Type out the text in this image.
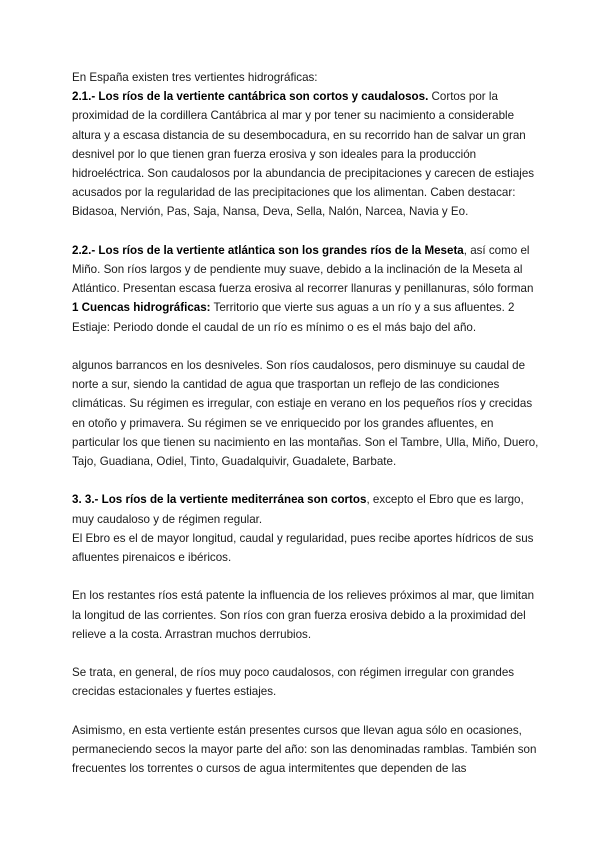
En España existen tres vertientes hidrográficas:

2.1.- Los ríos de la vertiente cantábrica son cortos y caudalosos. Cortos por la proximidad de la cordillera Cantábrica al mar y por tener su nacimiento a considerable altura y a escasa distancia de su desembocadura, en su recorrido han de salvar un gran desnivel por lo que tienen gran fuerza erosiva y son ideales para la producción hidroeléctrica. Son caudalosos por la abundancia de precipitaciones y carecen de estiajes acusados por la regularidad de las precipitaciones que los alimentan. Caben destacar: Bidasoa, Nervión, Pas, Saja, Nansa, Deva, Sella, Nalón, Narcea, Navia y Eo.

2.2.- Los ríos de la vertiente atlántica son los grandes ríos de la Meseta, así como el Miño. Son ríos largos y de pendiente muy suave, debido a la inclinación de la Meseta al Atlántico. Presentan escasa fuerza erosiva al recorrer llanuras y penillanuras, sólo forman
1 Cuencas hidrográficas: Territorio que vierte sus aguas a un río y a sus afluentes. 2 Estiaje: Periodo donde el caudal de un río es mínimo o es el más bajo del año.

algunos barrancos en los desniveles. Son ríos caudalosos, pero disminuye su caudal de norte a sur, siendo la cantidad de agua que trasportan un reflejo de las condiciones climáticas. Su régimen es irregular, con estiaje en verano en los pequeños ríos y crecidas en otoño y primavera. Su régimen se ve enriquecido por los grandes afluentes, en particular los que tienen su nacimiento en las montañas. Son el Tambre, Ulla, Miño, Duero, Tajo, Guadiana, Odiel, Tinto, Guadalquivir, Guadalete, Barbate.

3. 3.- Los ríos de la vertiente mediterránea son cortos, excepto el Ebro que es largo, muy caudaloso y de régimen regular.
El Ebro es el de mayor longitud, caudal y regularidad, pues recibe aportes hídricos de sus afluentes pirenaicos e ibéricos.

En los restantes ríos está patente la influencia de los relieves próximos al mar, que limitan la longitud de las corrientes. Son ríos con gran fuerza erosiva debido a la proximidad del relieve a la costa. Arrastran muchos derrubios.

Se trata, en general, de ríos muy poco caudalosos, con régimen irregular con grandes crecidas estacionales y fuertes estiajes.

Asimismo, en esta vertiente están presentes cursos que llevan agua sólo en ocasiones, permaneciendo secos la mayor parte del año: son las denominadas ramblas. También son frecuentes los torrentes o cursos de agua intermitentes que dependen de las
